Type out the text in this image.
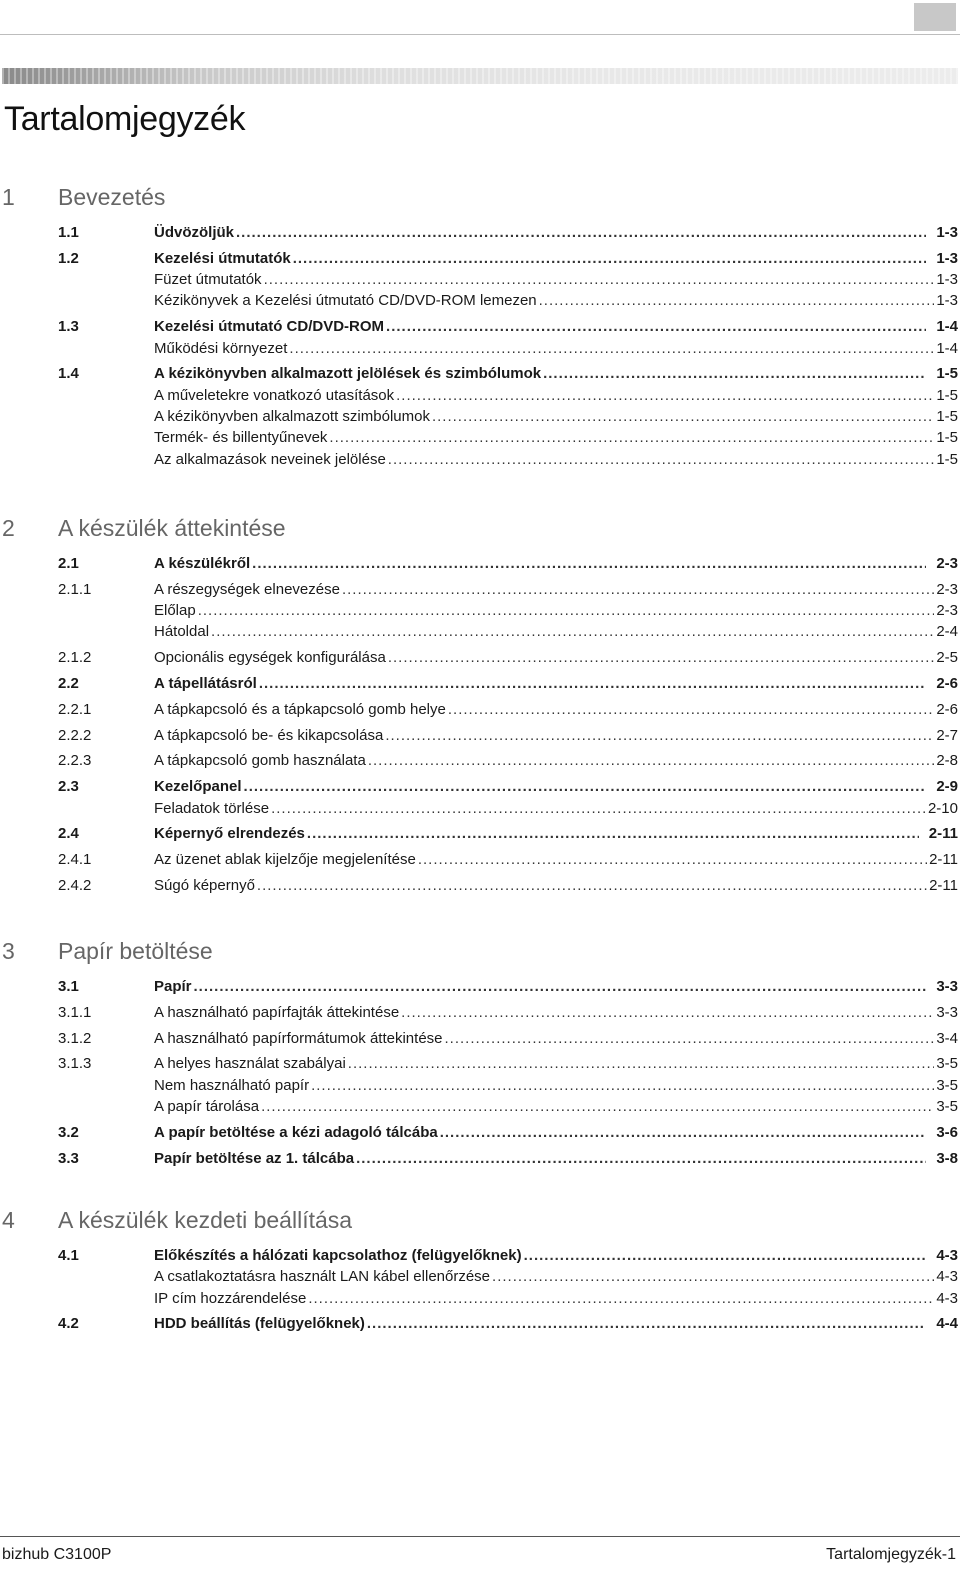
Tartalomjegyzék
1 Bevezetés
1.1	Üdvözöljük .....	1-3
1.2	Kezelési útmutatók .....	1-3
Füzet útmutatók .....	1-3
Kézikönyvek a Kezelési útmutató CD/DVD-ROM lemezen .....	1-3
1.3	Kezelési útmutató CD/DVD-ROM .....	1-4
Működési környezet .....	1-4
1.4	A kézikönyvben alkalmazott jelölések és szimbólumok .....	1-5
A műveletekre vonatkozó utasítások .....	1-5
A kézikönyvben alkalmazott szimbólumok .....	1-5
Termék- és billentyűnevek .....	1-5
Az alkalmazások neveinek jelölése .....	1-5
2 A készülék áttekintése
2.1	A készülékről .....	2-3
2.1.1	A részegységek elnevezése .....	2-3
Előlap .....	2-3
Hátoldal .....	2-4
2.1.2	Opcionális egységek konfigurálása .....	2-5
2.2	A tápellátásról .....	2-6
2.2.1	A tápkapcsoló és a tápkapcsoló gomb helye .....	2-6
2.2.2	A tápkapcsoló be- és kikapcsolása .....	2-7
2.2.3	A tápkapcsoló gomb használata .....	2-8
2.3	Kezelőpanel .....	2-9
Feladatok törlése .....	2-10
2.4	Képernyő elrendezés .....	2-11
2.4.1	Az üzenet ablak kijelzője megjelenítése .....	2-11
2.4.2	Súgó képernyő .....	2-11
3 Papír betöltése
3.1	Papír .....	3-3
3.1.1	A használható papírfajták áttekintése .....	3-3
3.1.2	A használható papírformátumok áttekintése .....	3-4
3.1.3	A helyes használat szabályai .....	3-5
Nem használható papír .....	3-5
A papír tárolása .....	3-5
3.2	A papír betöltése a kézi adagoló tálcába .....	3-6
3.3	Papír betöltése az 1. tálcába .....	3-8
4 A készülék kezdeti beállítása
4.1	Előkészítés a hálózati kapcsolathoz (felügyelőknek) .....	4-3
A csatlakoztatásra használt LAN kábel ellenőrzése .....	4-3
IP cím hozzárendelése .....	4-3
4.2	HDD beállítás (felügyelőknek) .....	4-4
bizhub C3100P	Tartalomjegyzék-1
